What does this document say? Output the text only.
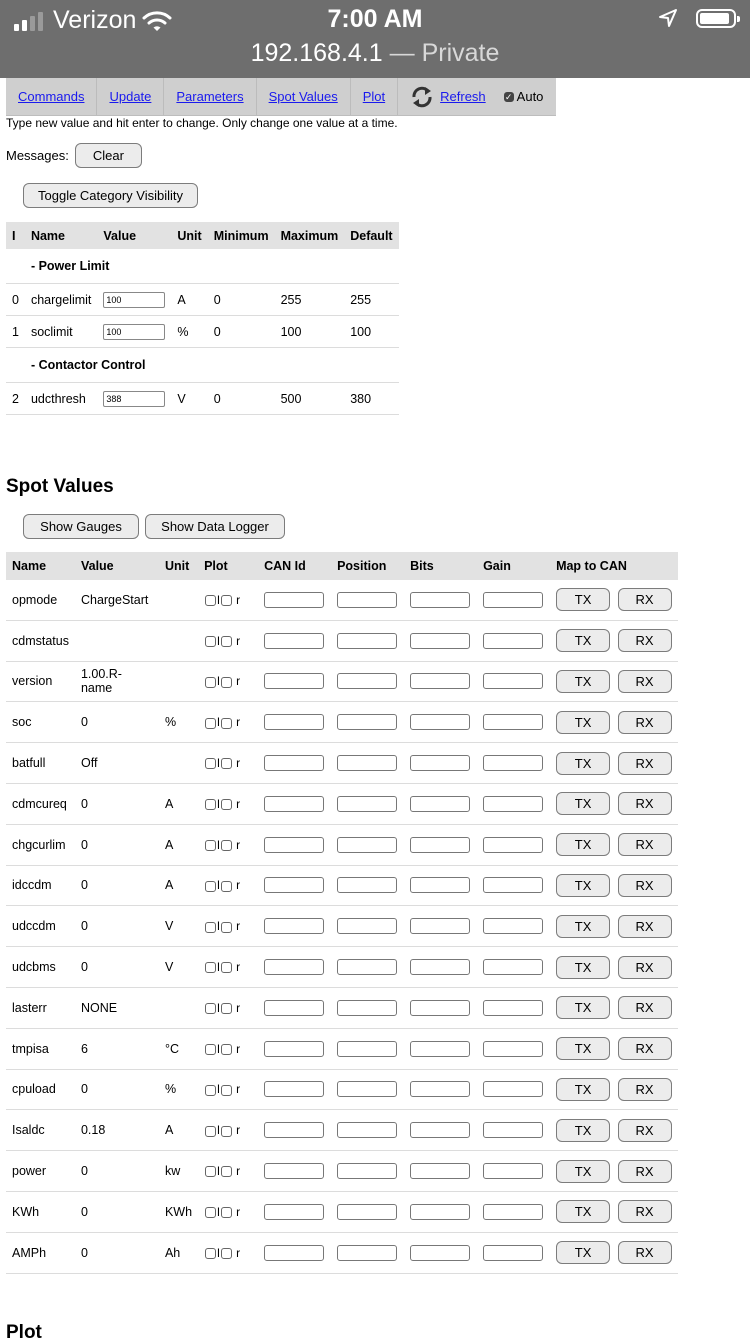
Verizon	7:00 AM
192.168.4.1 — Private
Commands	Update	Parameters	Spot Values	Plot	Refresh	✓ Auto
Type new value and hit enter to change. Only change one value at a time.
Messages:	Clear
Toggle Category Visibility
I	Name	Value	Unit	Minimum	Maximum	Default
	- Power Limit					
0	chargelimit	100	A	0	255	255
1	soclimit	100	%	0	100	100
	- Contactor Control					
2	udcthresh	388	V	0	500	380
Spot Values
Show Gauges	Show Data Logger
Name	Value	Unit	Plot	CAN Id	Position	Bits	Gain	Map to CAN
opmode	ChargeStart		l r					TX RX
cdmstatus			l r					TX RX
version	1.00.R-name		l r					TX RX
soc	0	%	l r					TX RX
batfull	Off		l r					TX RX
cdmcureq	0	A	l r					TX RX
chgcurlim	0	A	l r					TX RX
idccdm	0	A	l r					TX RX
udccdm	0	V	l r					TX RX
udcbms	0	V	l r					TX RX
lasterr	NONE		l r					TX RX
tmpisa	6	°C	l r					TX RX
cpuload	0	%	l r					TX RX
Isaldc	0.18	A	l r					TX RX
power	0	kw	l r					TX RX
KWh	0	KWh	l r					TX RX
AMPh	0	Ah	l r					TX RX
Plot
